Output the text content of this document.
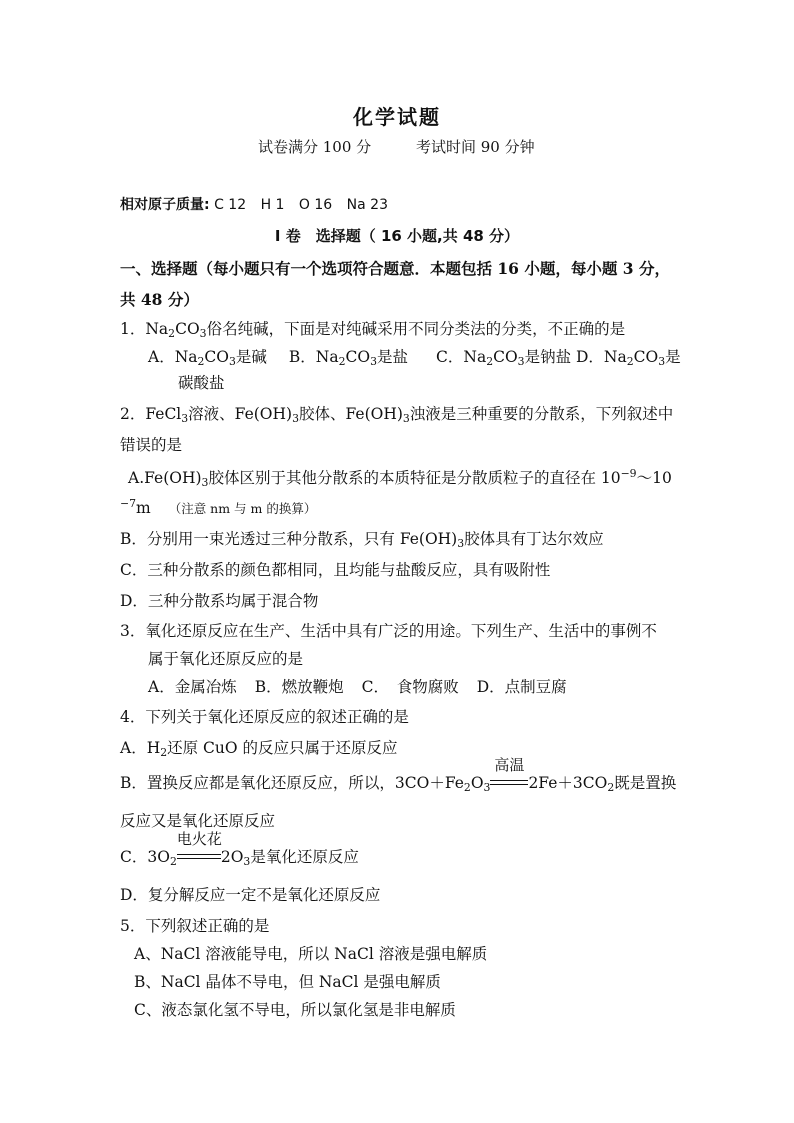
化学试题
试卷满分 100 分	考试时间 90 分钟
相对原子质量: C 12 H 1 O 16 Na 23
I 卷　选择题（ 16 小题,共 48 分）
一、选择题（每小题只有一个选项符合题意．本题包括 16 小题，每小题 3 分，
共 48 分）
1．$Na_2CO_3$俗名纯碱，下面是对纯碱采用不同分类法的分类，不正确的是
A．$Na_2CO_3$是碱 B．$Na_2CO_3$是盐 C．$Na_2CO_3$是钠盐 D．$Na_2CO_3$是
碳酸盐
2．FeCl$_3$溶液、$Fe(OH)_3$胶体、$Fe(OH)_3$浊液是三种重要的分散系，下列叙述中
错误的是
$A.Fe(OH)_3$胶体区别于其他分散系的本质特征是分散质粒子的直径在 $10^{-9}\sim 10$
$^{-7}$m （注意 nm 与 m 的换算）
B．分别用一束光透过三种分散系，只有 $Fe(OH)_3$胶体具有丁达尔效应
C．三种分散系的颜色都相同，且均能与盐酸反应，具有吸附性
D．三种分散系均属于混合物
3．氧化还原反应在生产、生活中具有广泛的用途。下列生产、生活中的事例不
属于氧化还原反应的是
A．金属冶炼 B．燃放鞭炮 C．　食物腐败 D．点制豆腐
4．下列关于氧化还原反应的叙述正确的是
A．$H_2$还原 CuO 的反应只属于还原反应
B．置换反应都是氧化还原反应，所以，$3CO+Fe_2O_3$
高温
$2Fe+3CO_2$既是置换
反应又是氧化还原反应
C．$3O_2$
电火花
$2O_3$是氧化还原反应
D．复分解反应一定不是氧化还原反应
5．下列叙述正确的是
A、NaCl 溶液能导电，所以 NaCl 溶液是强电解质
B、NaCl 晶体不导电，但 NaCl 是强电解质
C、液态氯化氢不导电，所以氯化氢是非电解质
